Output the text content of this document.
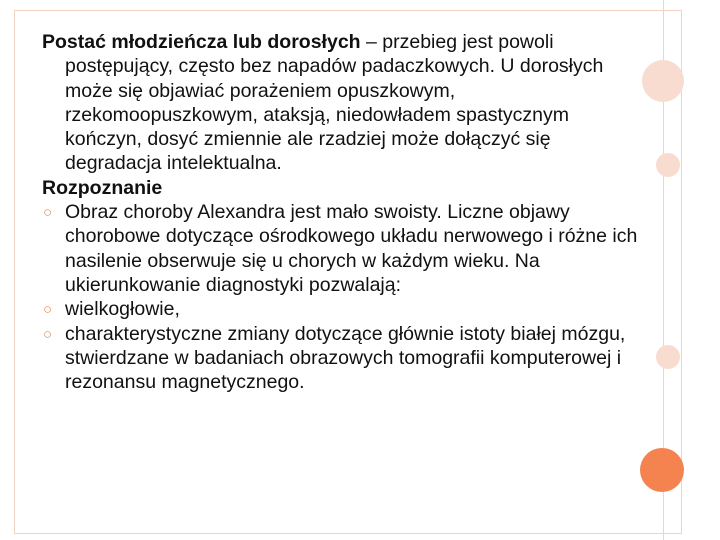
Postać młodzieńcza lub dorosłych – przebieg jest powoli postępujący, często bez napadów padaczkowych. U dorosłych może się objawiać porażeniem opuszkowym, rzekomoopuszkowym, ataksją, niedowładem spastycznym kończyn, dosyć zmiennie ale rzadziej może dołączyć się degradacja intelektualna.

Rozpoznanie

○ Obraz choroby Alexandra jest mało swoisty. Liczne objawy chorobowe dotyczące ośrodkowego układu nerwowego i różne ich nasilenie obserwuje się u chorych w każdym wieku. Na ukierunkowanie diagnostyki pozwalają:
○ wielkogłowie,
○ charakterystyczne zmiany dotyczące głównie istoty białej mózgu, stwierdzane w badaniach obrazowych tomografii komputerowej i rezonansu magnetycznego.
